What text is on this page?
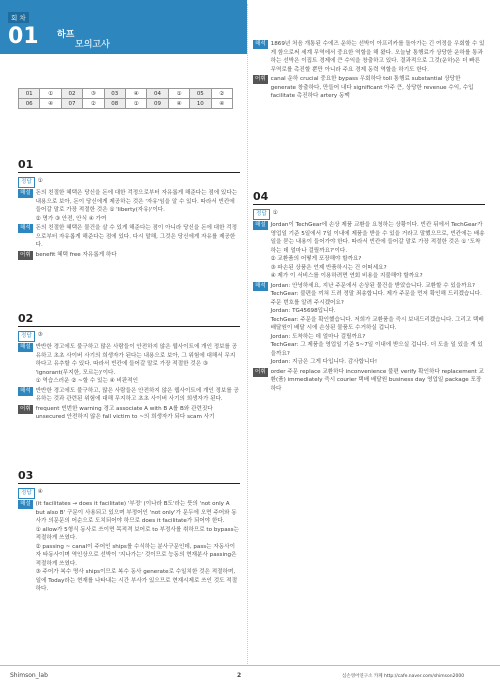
회 차
01 하프
모의고사
01	①	02	③	03	④	04	①	05	②
06	④	07	②	08	①	09	④	10	④
01
정답	①
해설 돈의 친절한 혜택은 당신을 돈에 대한 걱정으로부터 자유롭게 해준다는 점에 있다는 내용으로 보아, 돈이 당신에게 제공하는 것은 '자유'임을 알 수 있다. 따라서 빈칸에 들어갈 말로 가장 적절한 것은 ① 'liberty(자유)'이다.
② 명가 ③ 안전, 안식 ④ 가여
해석 돈의 친절한 혜택은 물건을 살 수 있게 해준다는 점이 아니라 당신을 돈에 대한 걱정으로부터 자유롭게 해준다는 점에 있다. 다시 말해, 그것은 당신에게 자유를 제공한다.
어휘 benefit 혜택 free 자유롭게 하다
02
정답	③
해설 반반한 경고에도 불구하고 많은 사람들이 안전하지 않은 웹사이트에 개인 정보를 공유하고 초초 사이버 사기의 희생자가 된다는 내용으로 보아, 그 위험에 대해서 무지하다고 유추할 수 있다. 따라서 빈칸에 들어갈 말로 가장 적절한 것은 ③ 'ignorant(무지한, 모르는)'이다.
① 역습스러운 ② ~할 수 있는 ④ 비판적인
해석 반반한 경고에도 불구하고, 많은 사람들은 안전하지 않은 웹사이트에 개인 정보를 공유하는 것과 관련된 위험에 대해 무지하고 초초 사이버 사기의 희생자가 된다.
어휘 frequent 빈번한 warning 경고 associate A with B A를 B와 관련짓다 unsecured 안전하지 않은 fall victim to ~의 희생자가 되다 scam 사기
03
정답	④
해설 (it facilitates → does it facilitate) '부정' (이나라 B도'라는 뜻의 'not only A but also B' 구문이 사용되고 있으며 부정어인 'not only'가 문두에 오면 주어와 동사가 의문문의 어순으로 도치되어야 하므로 does it facilitate가 되어야 한다.
① allow가 5형식 동사로 쓰이면 목적격 보어로 to 부정사를 취하므로 to bypass는 적절하게 쓰였다.
② passing ~ canal이 주어인 ships를 수식하는 분사구문인데, pass는 자동사이자 타동사이며 역인상으로 선박이 '지나가는' 것이므로 능동의 현재분사 passing은 적절하게 쓰였다.
③ 주어가 복수 명사 ships이므로 복수 동사 generate로 수일치한 것은 적절하며, 일에 Today라는 현재를 나타내는 시간 부사가 있으므로 현재시제로 쓰인 것도 적절하다.
해석 1869년 처음 개통된 수에즈 운하는 선박이 아프리카를 돌아가는 긴 여정을 우회할 수 있게 함으로써 세계 무역에서 중요한 역할을 해 왔다. 오늘날 통행료가 상당한 운하를 통과하는 선박은 이집트 경제에 큰 수익을 창출하고 있다. 결과적으로 그것(운하)은 더 빠른 무역로를 촉진할 뿐만 아니라 주요 경제 동력 역할을 하기도 한다.
어휘 canal 운하 crucial 중요한 bypass 우회하다 toll 통행료 substantial 상당한 generate 창출하다, 만들어 내다 significant 아주 큰, 상당한 revenue 수익, 수입 facilitate 촉진하다 artery 동맥
04
정답	①
해설 Jordan이 TechGear에 손상 제품 교환을 요청하는 상황이다. 빈칸 뒤에서 TechGear가 영업일 기준 5일에서 7일 이내에 제품을 받을 수 있을 거라고 말했으므로, 빈칸에는 배송일을 묻는 내용이 들어가야 한다. 따라서 빈칸에 들어갈 말로 가장 적절한 것은 ① '도착하는 데 얼마나 걸릴까요?'이다.
② 교환품의 어떻게 포장해야 할까요?
③ 파손된 상품은 언제 반품하시는 건 어떠세요?
④ 제가 이 서비스를 이용하려면 연회 비용을 지불해야 할까요?
해석 Jordan: 안녕하세요, 지난 주문에서 손상된 물건을 받았습니다. 교환할 수 있을까요?
TechGear: 불편을 끼쳐 드려 정말 죄송합니다. 제가 주문을 먼저 확인해 드리겠습니다. 주문 번호를 알려 주시겠어요?
Jordan: TG45698입니다.
TechGear: 주문을 확인했습니다. 저희가 교환품을 즉시 보내드리겠습니다. 그리고 택배 배달원이 배달 시에 손상된 물품도 수거하실 겁니다.
Jordan: 도착하는 데 얼마나 걸릴까요?
TechGear: 그 제품을 영업일 기준 5~7일 이내에 받으실 겁니다. 더 도울 일 있을 게 있을까요?
Jordan: 지금은 그게 다입니다. 감사합니다!
어휘 order 주문 replace 교환하다 inconvenience 불편 verify 확인하다 replacement 교환(품) immediately 즉시 courier 택배 배달원 business day 영업일 package 포장하다
Shimson_lab	2	심손영어연구소 카페 http://cafe.naver.com/shimson2000
